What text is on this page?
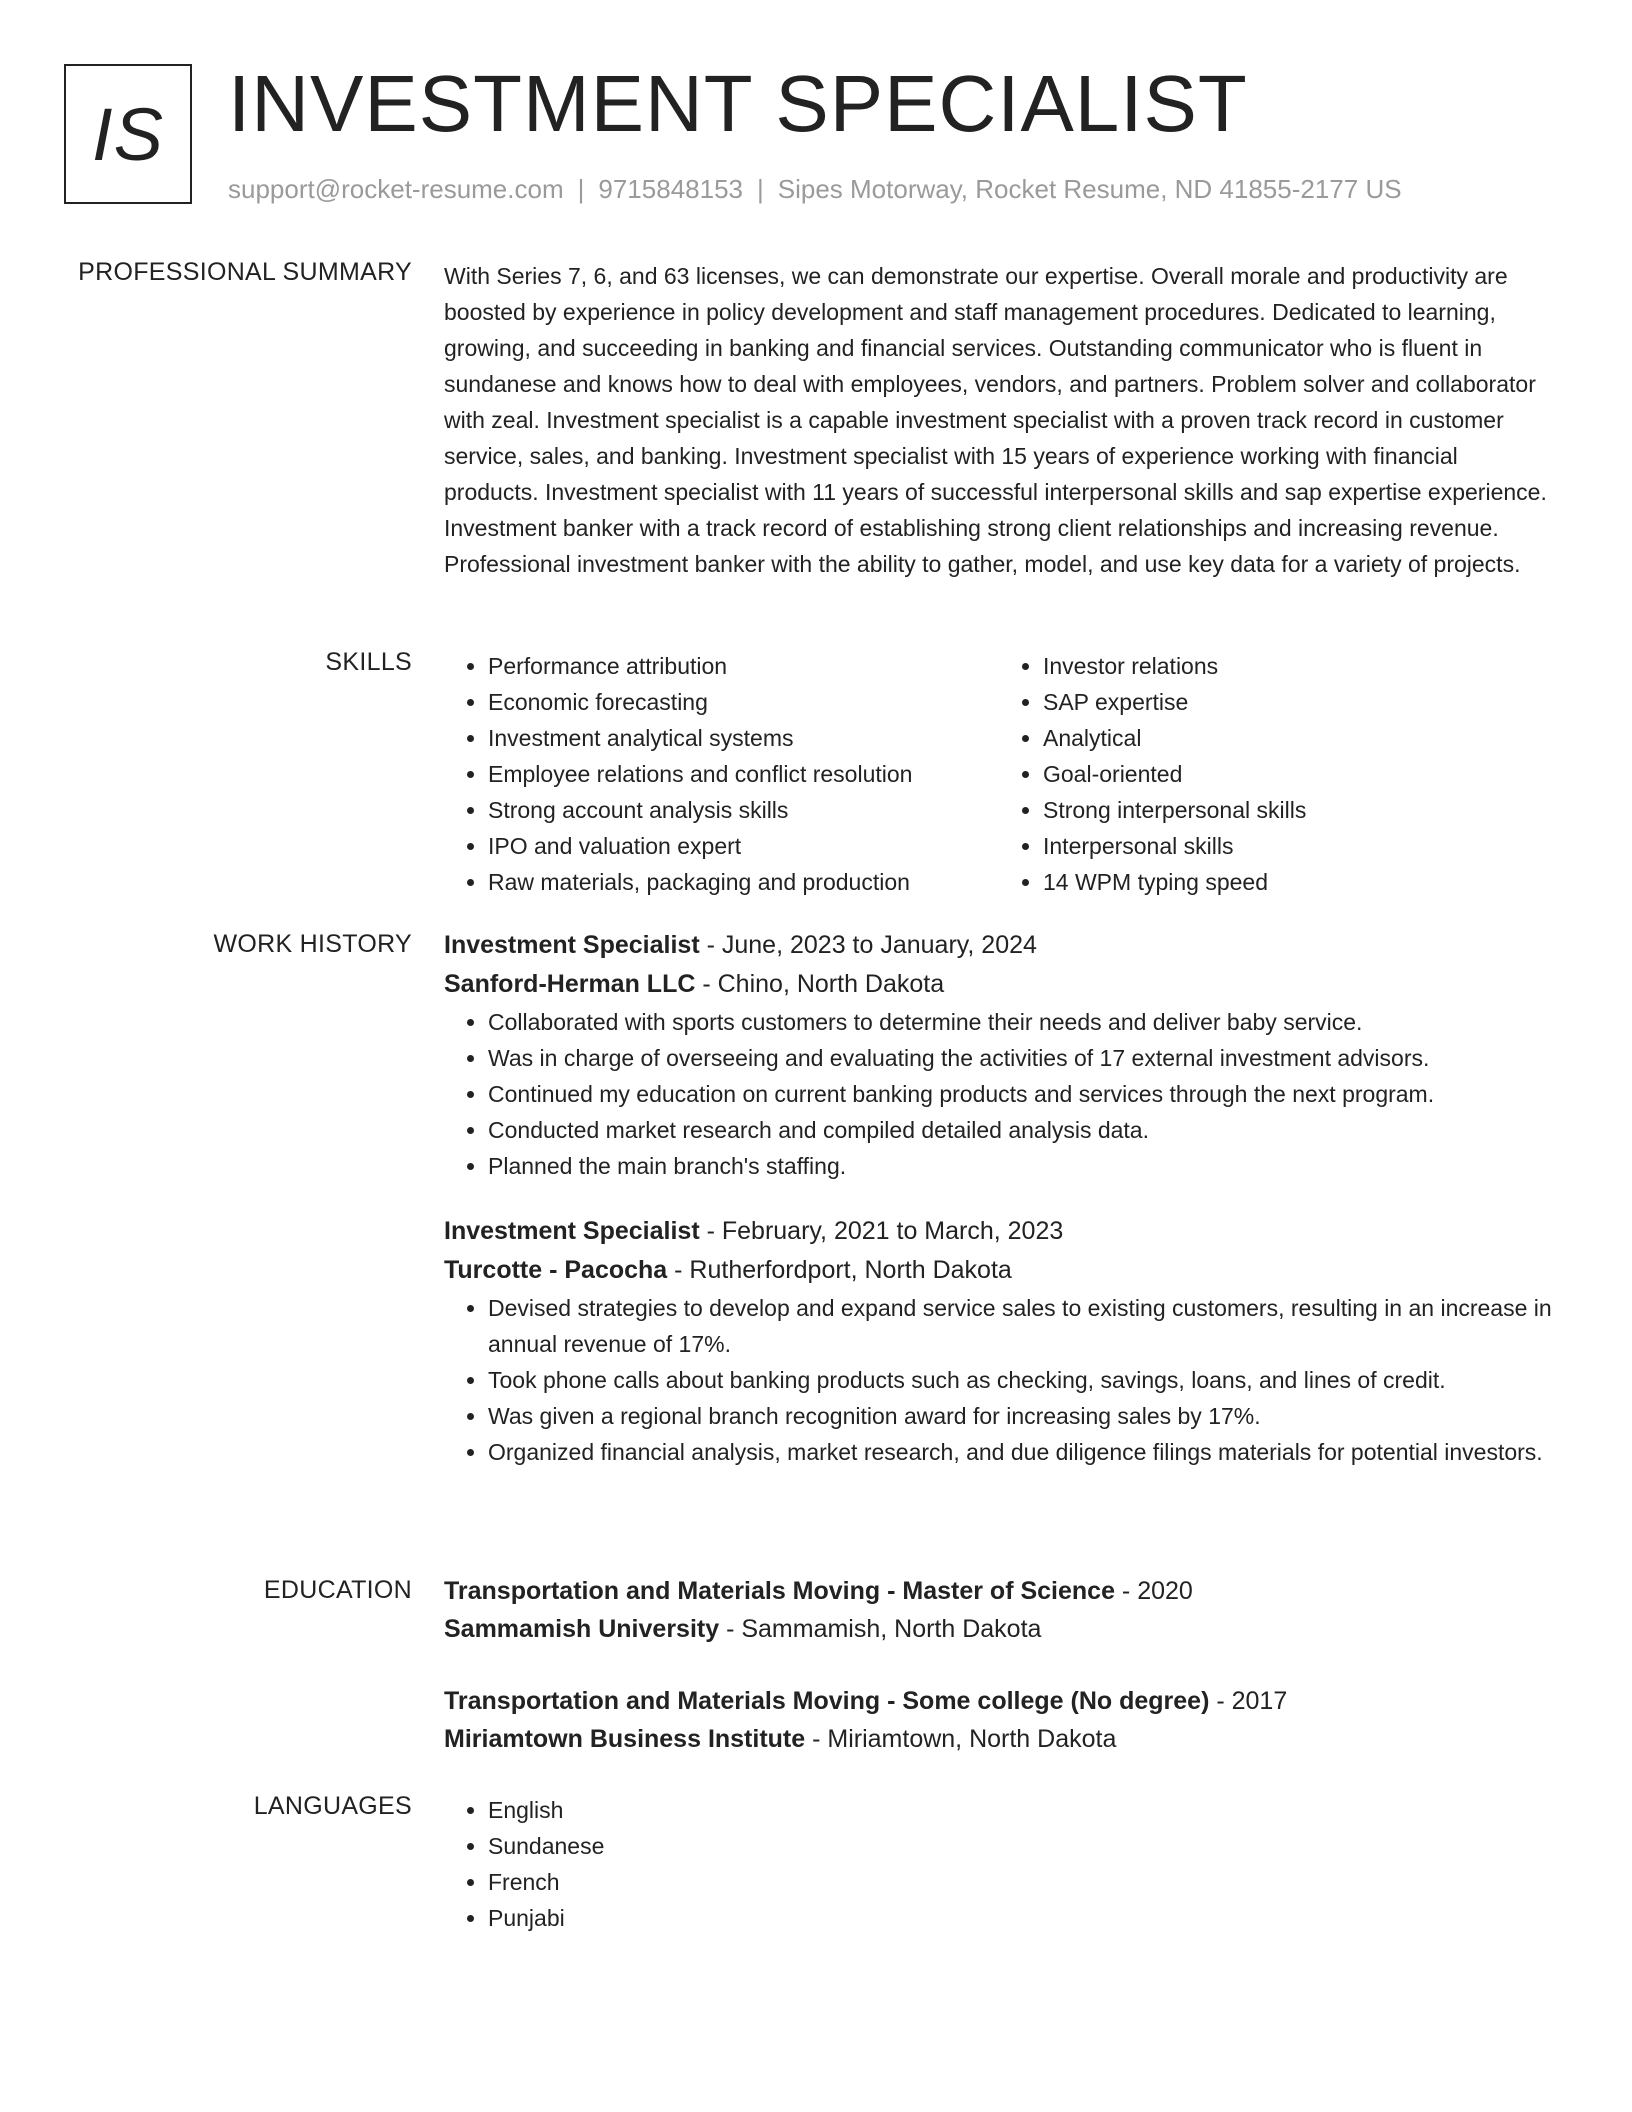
IS INVESTMENT SPECIALIST
support@rocket-resume.com | 9715848153 | Sipes Motorway, Rocket Resume, ND 41855-2177 US
PROFESSIONAL SUMMARY With Series 7, 6, and 63 licenses, we can demonstrate our expertise. Overall morale and productivity are boosted by experience in policy development and staff management procedures. Dedicated to learning, growing, and succeeding in banking and financial services. Outstanding communicator who is fluent in sundanese and knows how to deal with employees, vendors, and partners. Problem solver and collaborator with zeal. Investment specialist is a capable investment specialist with a proven track record in customer service, sales, and banking. Investment specialist with 15 years of experience working with financial products. Investment specialist with 11 years of successful interpersonal skills and sap expertise experience. Investment banker with a track record of establishing strong client relationships and increasing revenue. Professional investment banker with the ability to gather, model, and use key data for a variety of projects.

SKILLS	• Performance attribution
• Economic forecasting
• Investment analytical systems
• Employee relations and conflict resolution
• Strong account analysis skills
• IPO and valuation expert
• Raw materials, packaging and production
• Investor relations
• SAP expertise
• Analytical
• Goal-oriented
• Strong interpersonal skills
• Interpersonal skills
• 14 WPM typing speed
WORK HISTORY Investment Specialist - June, 2023 to January, 2024
Sanford-Herman LLC - Chino, North Dakota
• Collaborated with sports customers to determine their needs and deliver baby service.
• Was in charge of overseeing and evaluating the activities of 17 external investment advisors.
• Continued my education on current banking products and services through the next program.
• Conducted market research and compiled detailed analysis data.
• Planned the main branch's staffing.
Investment Specialist - February, 2021 to March, 2023
Turcotte - Pacocha - Rutherfordport, North Dakota
• Devised strategies to develop and expand service sales to existing customers, resulting in an increase in annual revenue of 17%.
• Took phone calls about banking products such as checking, savings, loans, and lines of credit.
• Was given a regional branch recognition award for increasing sales by 17%.
• Organized financial analysis, market research, and due diligence filings materials for potential investors.
EDUCATION Transportation and Materials Moving - Master of Science - 2020
Sammamish University - Sammamish, North Dakota
Transportation and Materials Moving - Some college (No degree) - 2017
Miriamtown Business Institute - Miriamtown, North Dakota
LANGUAGES	• English
• Sundanese
• French
• Punjabi
